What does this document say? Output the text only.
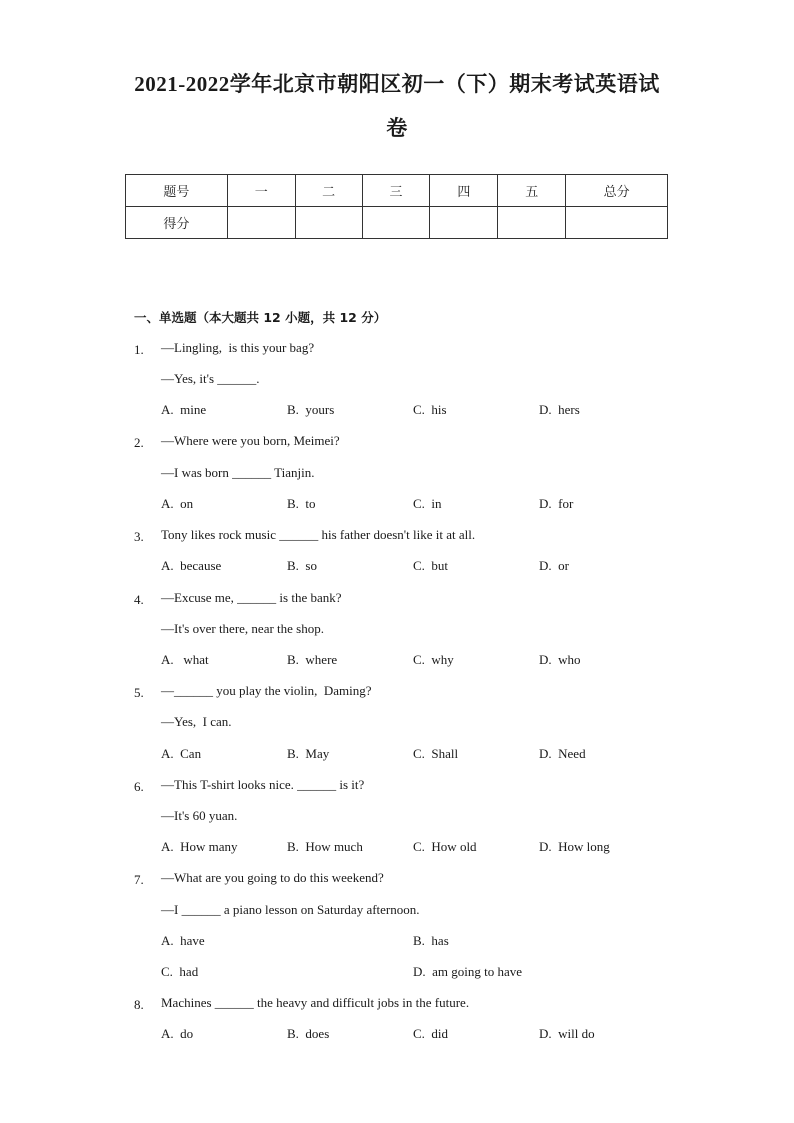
2021-2022学年北京市朝阳区初一（下）期末考试英语试
卷
题号	一	二	三	四	五	总分
得分						
一、单选题（本大题共 12 小题，共 12 分）
1. —Lingling,  is this your bag?
—Yes, it's ______.
A.  mine	B.  yours	C.  his	D.  hers
2. —Where were you born, Meimei?
—I was born ______ Tianjin.
A.  on	B.  to	C.  in	D.  for
3. Tony likes rock music ______ his father doesn't like it at all.
A.  because	B.  so	C.  but	D.  or
4. —Excuse me, ______ is the bank?
—It's over there, near the shop.
A.   what	B.  where	C.  why	D.  who
5. —______ you play the violin,  Daming?
—Yes,  I can.
A.  Can	B.  May	C.  Shall	D.  Need
6. —This T-shirt looks nice. ______ is it?
—It's 60 yuan.
A.  How many	B.  How much	C.  How old	D.  How long
7. —What are you going to do this weekend?
—I ______ a piano lesson on Saturday afternoon.
A.  have	B.  has
C.  had	D.  am going to have
8. Machines ______ the heavy and difficult jobs in the future.
A.  do	B.  does	C.  did	D.  will do
